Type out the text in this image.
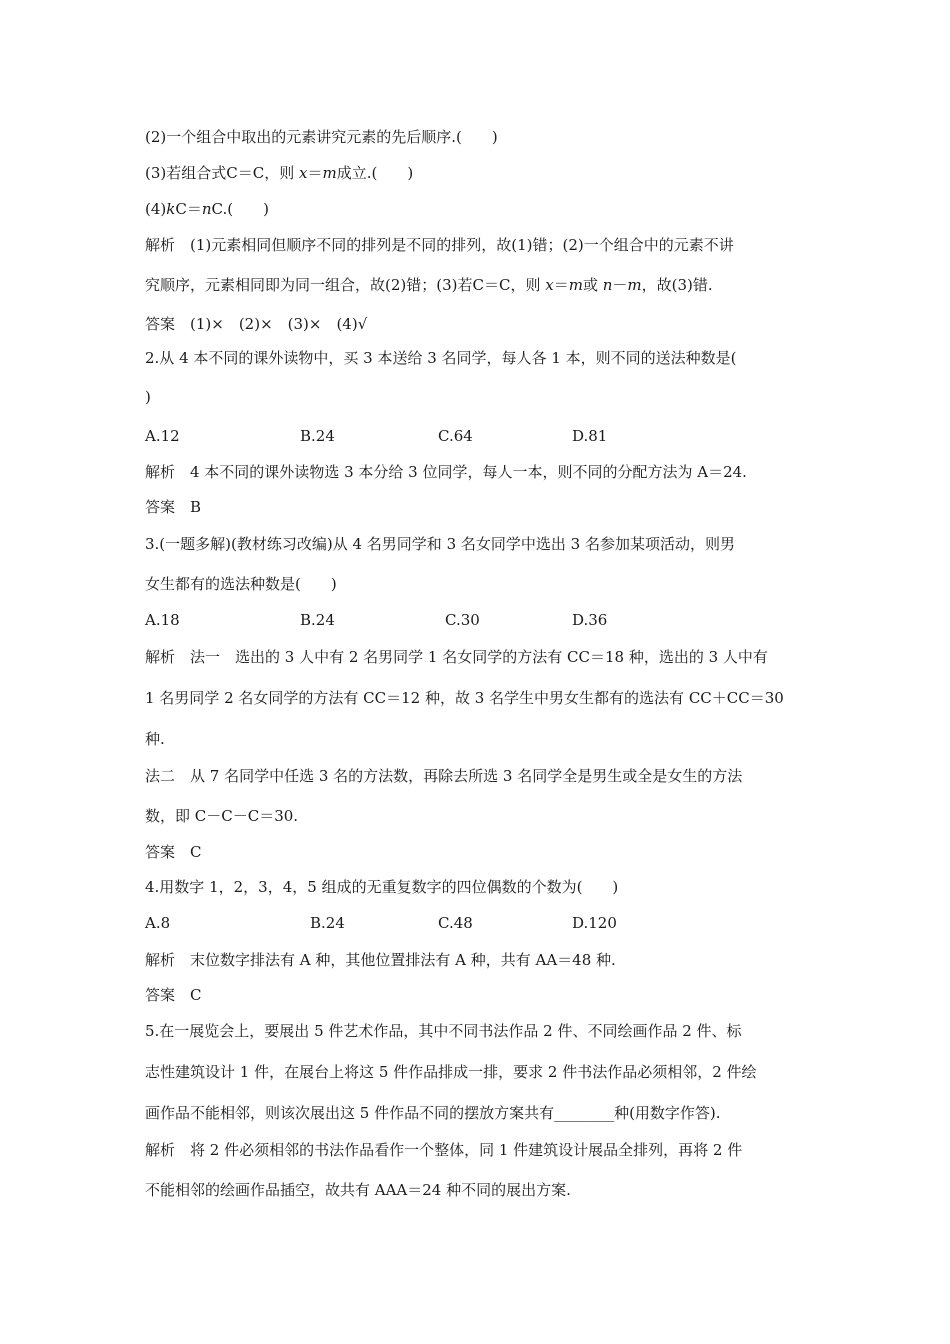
(2)一个组合中取出的元素讲究元素的先后顺序.(　　)
(3)若组合式C＝C，则 x＝m成立.(　　)
(4)kC＝nC.(　　)
解析　(1)元素相同但顺序不同的排列是不同的排列，故(1)错；(2)一个组合中的元素不讲
究顺序，元素相同即为同一组合，故(2)错；(3)若C＝C，则 x＝m或 n－m，故(3)错.
答案　(1)×　(2)×　(3)×　(4)√
2.从 4 本不同的课外读物中，买 3 本送给 3 名同学，每人各 1 本，则不同的送法种数是(
)
A.12	B.24	C.64	D.81
解析　4 本不同的课外读物选 3 本分给 3 位同学，每人一本，则不同的分配方法为 A＝24.
答案　B
3.(一题多解)(教材练习改编)从 4 名男同学和 3 名女同学中选出 3 名参加某项活动，则男
女生都有的选法种数是(　　)
A.18	B.24	C.30	D.36
解析　法一　选出的 3 人中有 2 名男同学 1 名女同学的方法有 CC＝18 种，选出的 3 人中有
1 名男同学 2 名女同学的方法有 CC＝12 种，故 3 名学生中男女生都有的选法有 CC＋CC＝30
种.
法二　从 7 名同学中任选 3 名的方法数，再除去所选 3 名同学全是男生或全是女生的方法
数，即 C－C－C＝30.
答案　C
4.用数字 1，2，3，4，5 组成的无重复数字的四位偶数的个数为(　　)
A.8	B.24	C.48	D.120
解析　末位数字排法有 A 种，其他位置排法有 A 种，共有 AA＝48 种.
答案　C
5.在一展览会上，要展出 5 件艺术作品，其中不同书法作品 2 件、不同绘画作品 2 件、标
志性建筑设计 1 件，在展台上将这 5 件作品排成一排，要求 2 件书法作品必须相邻，2 件绘
画作品不能相邻，则该次展出这 5 件作品不同的摆放方案共有________种(用数字作答).
解析　将 2 件必须相邻的书法作品看作一个整体，同 1 件建筑设计展品全排列，再将 2 件
不能相邻的绘画作品插空，故共有 AAA＝24 种不同的展出方案.
